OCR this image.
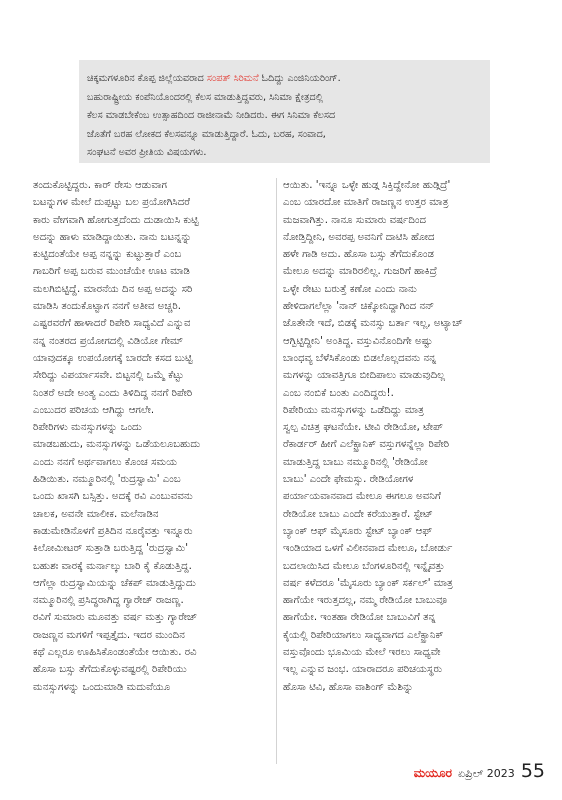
ಚಿಕ್ಕಮಗಳೂರಿನ ಕೊಪ್ಪ ಜಿಲ್ಲೆಯವರಾದ ಸಂಪತ್ ಸಿರಿಮನೆ ಓದಿದ್ದು ಎಂಜಿನಿಯರಿಂಗ್.
ಬಹುರಾಷ್ಟ್ರೀಯ ಕಂಪೆನಿಯೊಂದರಲ್ಲಿ ಕೆಲಸ ಮಾಡುತ್ತಿದ್ದವರು, ಸಿನಿಮಾ ಕ್ಷೇತ್ರದಲ್ಲಿ
ಕೆಲಸ ಮಾಡಬೇಕೆಂಬ ಉತ್ಸಾಹದಿಂದ ರಾಜೀನಾಮೆ ನೀಡಿದರು. ಈಗ ಸಿನಿಮಾ ಕೆಲಸದ
ಜೊತೆಗೆ ಬರಹ ಲೋಕದ ಕೆಲಸವನ್ನೂ ಮಾಡುತ್ತಿದ್ದಾರೆ. ಓದು, ಬರಹ, ಸಂವಾದ,
ಸಂಘಟನೆ ಅವರ ಪ್ರೀತಿಯ ವಿಷಯಗಳು.
ತಂದುಕೊಟ್ಟಿದ್ದರು. ಕಾರ್ ರೇಸು ಆಡುವಾಗ
ಬಟನ್ನುಗಳ ಮೇಲೆ ದುಪ್ಪಟ್ಟು ಬಲ ಪ್ರಯೋಗಿಸಿದರೆ
ಕಾರು ವೇಗವಾಗಿ ಹೋಗುತ್ತದೆಂದು ದುಡಾಯಿಸಿ ಕುಟ್ಟಿ
ಅದನ್ನು ಹಾಳು ಮಾಡಿದ್ದಾಯಿತು. ನಾನು ಬಟನ್ನನ್ನು
ಕುಟ್ಟಿದಂತೆಯೇ ಅಪ್ಪ ನನ್ನನ್ನು ಕುಟ್ಟುತ್ತಾರೆ ಎಂಬ
ಗಾಬರಿಗೆ ಅಪ್ಪ ಬರುವ ಮುಂಚೆಯೇ ಊಟ ಮಾಡಿ
ಮಲಗಿಬಿಟ್ಟಿದ್ದೆ. ಮಾರನೆಯ ದಿನ ಅಪ್ಪ ಅದನ್ನು ಸರಿ
ಮಾಡಿಸಿ ತಂದುಕೊಟ್ಟಾಗ ನನಗೆ ಅತೀವ ಅಚ್ಚರಿ.
ಎಷ್ಟರವರೆಗೆ ಹಾಳಾದರೆ ರಿಪೇರಿ ಸಾಧ್ಯವಿದೆ ಎನ್ನುವ
ನನ್ನ ನಂತರದ ಪ್ರಯೋಗದಲ್ಲಿ ವಿಡಿಯೋ ಗೇಮ್
ಯಾವುದಕ್ಕೂ ಉಪಯೋಗಕ್ಕೆ ಬಾರದೇ ಕಸದ ಬುಟ್ಟಿ
ಸೇರಿದ್ದು ವಿಪರ್ಯಾಸವೇ. ಬಿಟ್ಟನಲ್ಲಿ ಒಮ್ಮೆ ಕೆಟ್ಟು
ನಿಂತರೆ ಅದೇ ಅಂತ್ಯ ಎಂದು ತಿಳಿದಿದ್ದ ನನಗೆ ರಿಪೇರಿ
ಎಂಬುದರ ಪರಿಚಯ ಆಗಿದ್ದು ಆಗಲೇ.
ರಿಪೇರಿಗಳು ಮನಸ್ಸುಗಳನ್ನು ಒಂದು
ಮಾಡಬಹುದು, ಮನಸ್ಸುಗಳನ್ನು ಒಡೆಯಲೂಬಹುದು
ಎಂದು ನನಗೆ ಅರ್ಥವಾಗಲು ಕೊಂಚ ಸಮಯ
ಹಿಡಿಯಿತು. ನಮ್ಮೂರಿನಲ್ಲಿ 'ರುದ್ರಸ್ವಾಮಿ' ಎಂಬ
ಒಂದು ಖಾಸಗಿ ಬಸ್ಸಿತ್ತು. ಅದಕ್ಕೆ ರವಿ ಎಂಬುವವನು
ಚಾಲಕ, ಅವನೇ ಮಾಲೀಕ. ಮಲೆನಾಡಿನ
ಕಾಡುಮೇಡಿನೊಳಗೆ ಪ್ರತಿದಿನ ನೂರೈವತ್ತು ಇನ್ನೂರು
ಕಿಲೋಮೀಟರ್ ಸುತ್ತಾಡಿ ಬರುತ್ತಿದ್ದ 'ರುದ್ರಸ್ವಾಮಿ'
ಬಹುಶಃ ವಾರಕ್ಕೆ ಮರ್ನಾಲ್ಕು ಬಾರಿ ಕೈ ಕೊಡುತ್ತಿದ್ದ.
ಆಗೆಲ್ಲಾ ರುದ್ರಸ್ವಾಮಿಯನ್ನು ಚೆಕಪ್ ಮಾಡುತ್ತಿದ್ದುದು
ನಮ್ಮೂರಿನಲ್ಲಿ ಪ್ರಸಿದ್ಧರಾಗಿದ್ದ ಗ್ಯಾರೇಜ್ ರಾಜಣ್ಣ.
ರವಿಗೆ ಸುಮಾರು ಮೂವತ್ತು ವರ್ಷ ಮತ್ತು ಗ್ಯಾರೇಜ್
ರಾಜಣ್ಣನ ಮಗಳಿಗೆ ಇಪ್ಪತ್ತೈದು. ಇದರ ಮುಂದಿನ
ಕಥೆ ಎಲ್ಲರೂ ಊಹಿಸಿಕೊಂಡಂತೆಯೇ ಆಯಿತು. ರವಿ
ಹೊಸಾ ಬಸ್ಸು ತೆಗೆದುಕೊಳ್ಳುವಷ್ಟರಲ್ಲಿ ರಿಪೇರಿಯು
ಮನಸ್ಸುಗಳನ್ನು ಒಂದುಮಾಡಿ ಮದುವೆಯೂ
ಆಯಿತು. 'ಇನ್ನೂ ಒಳ್ಳೇ ಹುಡ್ಗ ಸಿಕ್ತಿದ್ದೇನೋ ಹುಡ್ಗಿದ್ರೆ'
ಎಂಬ ಯಾರದೋ ಮಾತಿಗೆ ರಾಜಣ್ಣನ ಉತ್ತರ ಮಾತ್ರ
ಮಜವಾಗಿತ್ತು. ನಾನೂ ಸುಮಾರು ವರ್ಷದಿಂದ
ನೋಡ್ತಿದ್ದೀನಿ, ಅವರಪ್ಪ ಅವನಿಗೆ ದಾಟಿಸಿ ಹೋದ
ಹಳೇ ಗಾಡಿ ಅದು. ಹೊಸಾ ಬಸ್ಸು ತೆಗೆದುಕೊಂಡ
ಮೇಲೂ ಅದನ್ನು ಮಾರಿರಲಿಲ್ಲ. ಗುಜರಿಗೆ ಹಾಕಿದ್ರೆ
ಒಳ್ಳೇ ರೇಟು ಬರುತ್ತೆ ಕಣೋ ಎಂದು ನಾನು
ಹೇಳಿದಾಗಲೆಲ್ಲಾ 'ನಾನ್ ಚಿಕ್ಕೋನಿದ್ದಾಗಿಂದ ನನ್
ಜೊತೇನೇ ಇದೆ, ಬಿಡಕ್ಕೆ ಮನಸ್ಸು ಬರ್ತಾ ಇಲ್ಲ, ಅಟ್ಯಾಚ್
ಆಗ್ಬಿಟ್ಟಿದ್ದೀನಿ' ಅಂತಿದ್ದ. ವಸ್ತುವಿನೊಂದಿಗೇ ಅಷ್ಟು
ಬಾಂಧವ್ಯ ಬೆಳೆಸಿಕೊಂಡು ಬಿಡಲೊಲ್ಲದವನು ನನ್ನ
ಮಗಳನ್ನು ಯಾವತ್ತಿಗೂ ಬೀದಿಪಾಲು ಮಾಡುವುದಿಲ್ಲ
ಎಂಬ ನಂಬಿಕೆ ಬಂತು ಎಂದಿದ್ದರು!.
ರಿಪೇರಿಯು ಮನಸ್ಸುಗಳನ್ನು ಒಡೆದಿದ್ದು ಮಾತ್ರ
ಸ್ವಲ್ಪ ವಿಚಿತ್ರ ಘಟನೆಯೇ. ಟೀವಿ ರೇಡಿಯೋ, ಟೇಪ್
ರೆಕಾರ್ಡರ್ ಹೀಗೆ ಎಲೆಕ್ಟ್ರಾನಿಕ್ ವಸ್ತುಗಳನ್ನೆಲ್ಲಾ ರಿಪೇರಿ
ಮಾಡುತ್ತಿದ್ದ ಬಾಬು ನಮ್ಮೂರಿನಲ್ಲಿ 'ರೇಡಿಯೋ
ಬಾಬು' ಎಂದೇ ಫೇಮಸ್ಸು. ರೇಡಿಯೋಗಳ
ಪರ್ಯಾಯವಾನವಾದ ಮೇಲೂ ಈಗಲೂ ಅವನಿಗೆ
ರೇಡಿಯೋ ಬಾಬು ಎಂದೇ ಕರೆಯುತ್ತಾರೆ. ಸ್ಟೇಟ್
ಬ್ಯಾಂಕ್ ಆಫ್ ಮೈಸೂರು ಸ್ಟೇಟ್ ಬ್ಯಾಂಕ್ ಆಫ್
ಇಂಡಿಯಾದ ಒಳಗೆ ವಿಲೀನವಾದ ಮೇಲೂ, ಬೋರ್ಡು
ಬದಲಾಯಿಸಿದ ಮೇಲೂ ಬೆಂಗಳೂರಿನಲ್ಲಿ ಇನ್ನೈವತ್ತು
ವರ್ಷ ಕಳೆದರೂ 'ಮೈಸೂರು ಬ್ಯಾಂಕ್ ಸರ್ಕಲ್' ಮಾತ್ರ
ಹಾಗೆಯೇ ಇರುತ್ತದಲ್ಲ, ನಮ್ಮ ರೇಡಿಯೋ ಬಾಬುವೂ
ಹಾಗೆಯೇ. ಇಂತಹಾ ರೇಡಿಯೋ ಬಾಬುವಿಗೆ ತನ್ನ
ಕೈಯಲ್ಲಿ ರಿಪೇರಿಯಾಗಲು ಸಾಧ್ಯವಾಗದ ಎಲೆಕ್ಟ್ರಾನಿಕ್
ವಸ್ತುವೊಂದು ಭೂಮಿಯ ಮೇಲೆ ಇರಲು ಸಾಧ್ಯವೇ
ಇಲ್ಲ ಎನ್ನುವ ಜಂಭ. ಯಾರಾದರೂ ಪರಿಚಯಸ್ಥರು
ಹೊಸಾ ಟಿವಿ, ಹೊಸಾ ವಾಶಿಂಗ್ ಮೆಶಿನ್ನು
ಮಯೂರ ಏಪ್ರಿಲ್ 2023 55
